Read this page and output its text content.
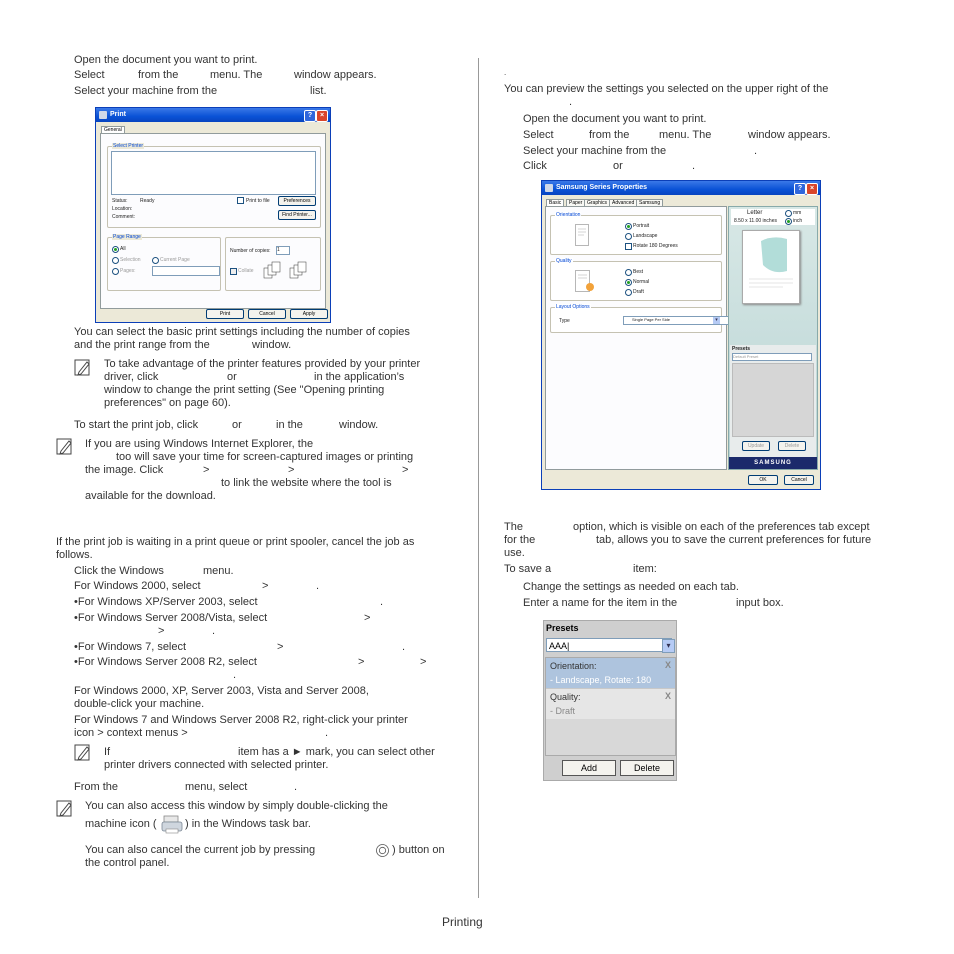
Open the document you want to print.
Select	from the	menu. The	window appears.
Select your machine from the	list.
Print	?	×
General
Select Printer
Status: Ready
Location:
Comment:
Print to file	Preferences
Find Printer...
Page Range
All
Selection	Current Page
Pages:
Number of copies: 1
Collate
Print	Cancel	Apply
You can select the basic print settings including the number of copies
and the print range from the	window.
To take advantage of the printer features provided by your printer
driver, click	or	in the application’s
window to change the print setting (See "Opening printing
preferences" on page 60).
To start the print job, click	or	in the	window.
If you are using Windows Internet Explorer, the
too will save your time for screen-captured images or printing
the image. Click	>	>	>
to link the website where the tool is
available for the download.
If the print job is waiting in a print queue or print spooler, cancel the job as
follows.
Click the Windows	menu.
For Windows 2000, select	>	.
•For Windows XP/Server 2003, select	.
•For Windows Server 2008/Vista, select	>
>	.
•For Windows 7, select	>	.
•For Windows Server 2008 R2, select	>	>
.
For Windows 2000, XP, Server 2003, Vista and Server 2008,
double-click your machine.
For Windows 7 and Windows Server 2008 R2, right-click your printer
icon > context menus >	.
If	item has a ► mark, you can select other
printer drivers connected with selected printer.
From the	menu, select	.
You can also access this window by simply double-clicking the
machine icon (	) in the Windows task bar.
You can also cancel the current job by pressing	) button on
the control panel.
.
You can preview the settings you selected on the upper right of the
.
Open the document you want to print.
Select	from the	menu. The	window appears.
Select your machine from the	.
Click	or	.
Samsung Series Properties	?	×
Basic	Paper Graphics Advanced Samsung
Orientation
Portrait
Landscape
Rotate 180 Degrees
Quality
Best
Normal
Draft
Layout Options
Type	Single Page Per Side	▾
Letter	mm
8.50 x 11.00 inches	inch
Presets
Default Preset
Update	Delete
SAMSUNG
OK	Cancel
The	option, which is visible on each of the preferences tab except
for the	tab, allows you to save the current preferences for future
use.
To save a	item:
Change the settings as needed on each tab.
Enter a name for the item in the	input box.
Presets
AAA|	▾
Orientation:	X
- Landscape, Rotate: 180
Quality:	X
- Draft
Add	Delete
Printing
